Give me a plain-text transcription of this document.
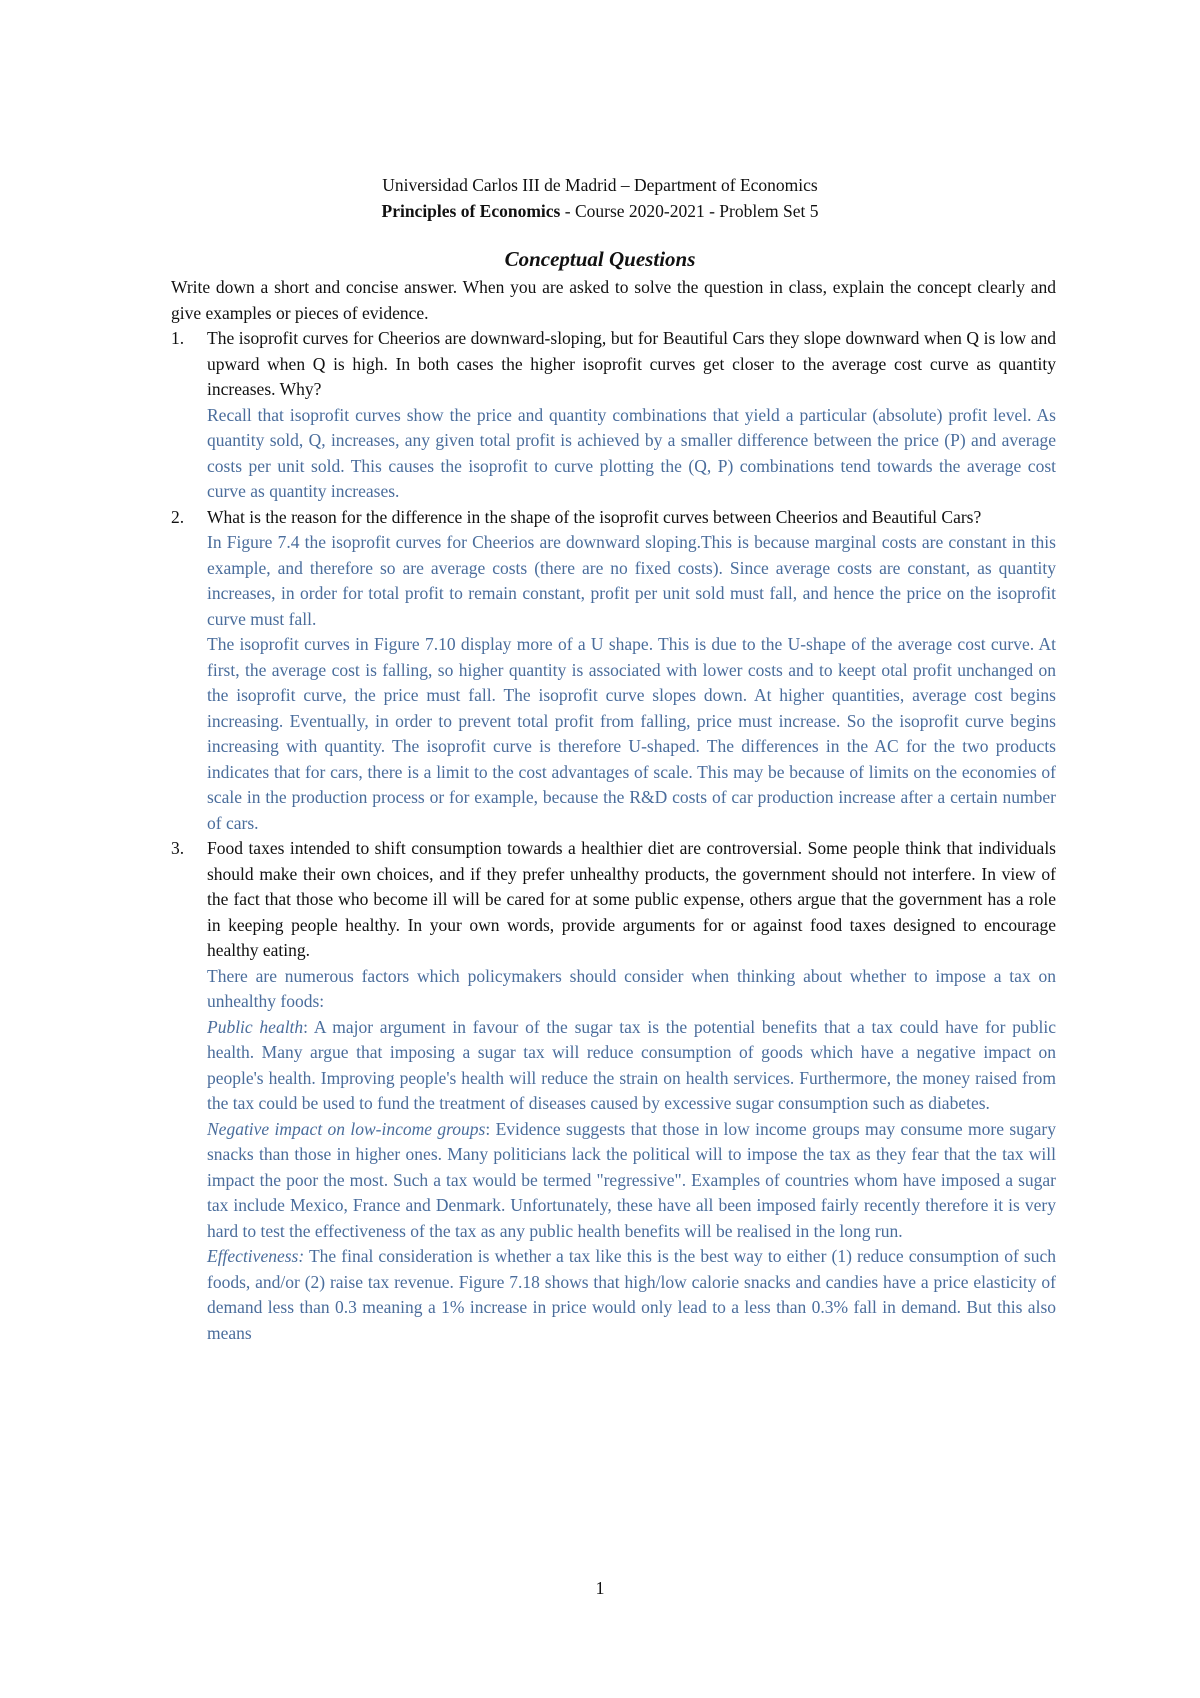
Universidad Carlos III de Madrid – Department of Economics
Principles of Economics - Course 2020-2021 - Problem Set 5
Conceptual Questions

Write down a short and concise answer. When you are asked to solve the question in class, explain the concept clearly and give examples or pieces of evidence.

1. The isoprofit curves for Cheerios are downward-sloping, but for Beautiful Cars they slope downward when Q is low and upward when Q is high. In both cases the higher isoprofit curves get closer to the average cost curve as quantity increases. Why?

Recall that isoprofit curves show the price and quantity combinations that yield a particular (absolute) profit level. As quantity sold, Q, increases, any given total profit is achieved by a smaller difference between the price (P) and average costs per unit sold. This causes the isoprofit to curve plotting the (Q, P) combinations tend towards the average cost curve as quantity increases.

2. What is the reason for the difference in the shape of the isoprofit curves between Cheerios and Beautiful Cars?

In Figure 7.4 the isoprofit curves for Cheerios are downward sloping.This is because marginal costs are constant in this example, and therefore so are average costs (there are no fixed costs). Since average costs are constant, as quantity increases, in order for total profit to remain constant, profit per unit sold must fall, and hence the price on the isoprofit curve must fall.

The isoprofit curves in Figure 7.10 display more of a U shape. This is due to the U-shape of the average cost curve. At first, the average cost is falling, so higher quantity is associated with lower costs and to keept otal profit unchanged on the isoprofit curve, the price must fall. The isoprofit curve slopes down. At higher quantities, average cost begins increasing. Eventually, in order to prevent total profit from falling, price must increase. So the isoprofit curve begins increasing with quantity. The isoprofit curve is therefore U-shaped. The differences in the AC for the two products indicates that for cars, there is a limit to the cost advantages of scale. This may be because of limits on the economies of scale in the production process or for example, because the R&D costs of car production increase after a certain number of cars.

3. Food taxes intended to shift consumption towards a healthier diet are controversial. Some people think that individuals should make their own choices, and if they prefer unhealthy products, the government should not interfere. In view of the fact that those who become ill will be cared for at some public expense, others argue that the government has a role in keeping people healthy. In your own words, provide arguments for or against food taxes designed to encourage healthy eating.

There are numerous factors which policymakers should consider when thinking about whether to impose a tax on unhealthy foods:

Public health: A major argument in favour of the sugar tax is the potential benefits that a tax could have for public health. Many argue that imposing a sugar tax will reduce consumption of goods which have a negative impact on people's health. Improving people's health will reduce the strain on health services. Furthermore, the money raised from the tax could be used to fund the treatment of diseases caused by excessive sugar consumption such as diabetes.

Negative impact on low-income groups: Evidence suggests that those in low income groups may consume more sugary snacks than those in higher ones. Many politicians lack the political will to impose the tax as they fear that the tax will impact the poor the most. Such a tax would be termed "regressive". Examples of countries whom have imposed a sugar tax include Mexico, France and Denmark. Unfortunately, these have all been imposed fairly recently therefore it is very hard to test the effectiveness of the tax as any public health benefits will be realised in the long run.

Effectiveness: The final consideration is whether a tax like this is the best way to either (1) reduce consumption of such foods, and/or (2) raise tax revenue. Figure 7.18 shows that high/low calorie snacks and candies have a price elasticity of demand less than 0.3 meaning a 1% increase in price would only lead to a less than 0.3% fall in demand. But this also means

1
